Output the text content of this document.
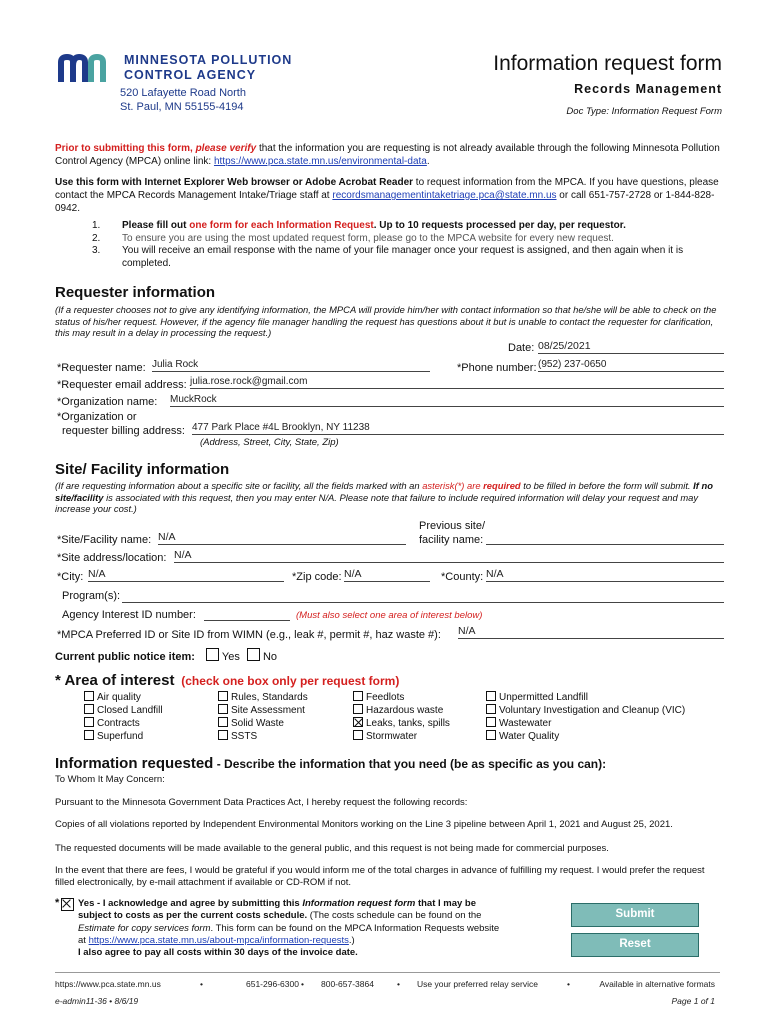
MINNESOTA POLLUTION
CONTROL AGENCY
520 Lafayette Road North
St. Paul, MN 55155-4194
Information request form
Records Management
Doc Type: Information Request Form
Prior to submitting this form, please verify that the information you are requesting is not already available through the following Minnesota Pollution Control Agency (MPCA) online link: https://www.pca.state.mn.us/environmental-data.
Use this form with Internet Explorer Web browser or Adobe Acrobat Reader to request information from the MPCA. If you have questions, please contact the MPCA Records Management Intake/Triage staff at recordsmanagementintaketriage.pca@state.mn.us or call 651-757-2728 or 1-844-828-0942.
1.	Please fill out one form for each Information Request. Up to 10 requests processed per day, per requestor.
2.	To ensure you are using the most updated request form, please go to the MPCA website for every new request.
3.	You will receive an email response with the name of your file manager once your request is assigned, and then again when it is completed.
Requester information
(If a requester chooses not to give any identifying information, the MPCA will provide him/her with contact information so that he/she will be able to check on the status of his/her request. However, if the agency file manager handling the request has questions about it but is unable to contact the requester for clarification, this may result in a delay in processing the request.)
Date: 08/25/2021
*Requester name: Julia Rock	*Phone number: (952) 237-0650
*Requester email address: julia.rose.rock@gmail.com
*Organization name: MuckRock
*Organization or
requester billing address: 477 Park Place #4L Brooklyn, NY 11238
(Address, Street, City, State, Zip)
Site/ Facility information
(If are requesting information about a specific site or facility, all the fields marked with an asterisk(*) are required to be filled in before the form will submit. If no site/facility is associated with this request, then you may enter N/A. Please note that failure to include required information will delay your request and may increase your cost.)
*Site/Facility name: N/A
Previous site/
facility name:
*Site address/location: N/A
*City: N/A	*Zip code: N/A	*County: N/A
Program(s):
Agency Interest ID number:	(Must also select one area of interest below)
*MPCA Preferred ID or Site ID from WIMN (e.g., leak #, permit #, haz waste #): N/A
Current public notice item: Yes No
* Area of interest (check one box only per request form)
Air quality
Closed Landfill
Contracts
Superfund
Rules, Standards
Site Assessment
Solid Waste
SSTS
Feedlots
Hazardous waste
Leaks, tanks, spills
Stormwater
Unpermitted Landfill
Voluntary Investigation and Cleanup (VIC)
Wastewater
Water Quality
Information requested - Describe the information that you need (be as specific as you can):
To Whom It May Concern:
Pursuant to the Minnesota Government Data Practices Act, I hereby request the following records:
Copies of all violations reported by Independent Environmental Monitors working on the Line 3 pipeline between April 1, 2021 and August 25, 2021.
The requested documents will be made available to the general public, and this request is not being made for commercial purposes.
In the event that there are fees, I would be grateful if you would inform me of the total charges in advance of fulfilling my request. I would prefer the request filled electronically, by e-mail attachment if available or CD-ROM if not.
* Yes - I acknowledge and agree by submitting this Information request form that I may be subject to costs as per the current costs schedule. (The costs schedule can be found on the Estimate for copy services form. This form can be found on the MPCA Information Requests website at https://www.pca.state.mn.us/about-mpca/information-requests.)
I also agree to pay all costs within 30 days of the invoice date.
Submit
Reset
https://www.pca.state.mn.us	•	651-296-6300 • 800-657-3864	• Use your preferred relay service	•	Available in alternative formats
e-admin11-36 • 8/6/19	Page 1 of 1
